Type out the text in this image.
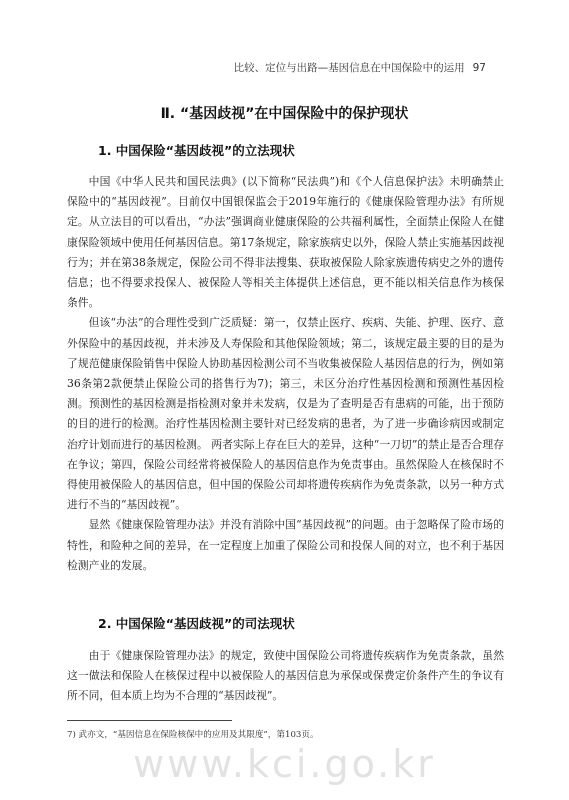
比较、定位与出路—基因信息在中国保险中的运用 97
Ⅱ. “基因歧视”在中国保险中的保护现状
1. 中国保险“基因歧视”的立法现状

中国《中华人民共和国民法典》(以下简称“民法典”)和《个人信息保护法》未明确禁止保险中的“基因歧视”。目前仅中国银保监会于2019年施行的《健康保险管理办法》有所规定。从立法目的可以看出，“办法”强调商业健康保险的公共福利属性，全面禁止保险人在健康保险领域中使用任何基因信息。第17条规定，除家族病史以外，保险人禁止实施基因歧视行为；并在第38条规定，保险公司不得非法搜集、获取被保险人除家族遗传病史之外的遗传信息；也不得要求投保人、被保险人等相关主体提供上述信息，更不能以相关信息作为核保条件。

但该“办法”的合理性受到广泛质疑：第一，仅禁止医疗、疾病、失能、护理、医疗、意外保险中的基因歧视，并未涉及人寿保险和其他保险领域；第二，该规定最主要的目的是为了规范健康保险销售中保险人协助基因检测公司不当收集被保险人基因信息的行为，例如第36条第2款便禁止保险公司的搭售行为7)；第三，未区分治疗性基因检测和预测性基因检测。预测性的基因检测是指检测对象并未发病，仅是为了查明是否有患病的可能，出于预防的目的进行的检测。治疗性基因检测主要针对已经发病的患者，为了进一步确诊病因或制定治疗计划而进行的基因检测。 两者实际上存在巨大的差异，这种“一刀切”的禁止是否合理存在争议；第四，保险公司经常将被保险人的基因信息作为免责事由。虽然保险人在核保时不得使用被保险人的基因信息，但中国的保险公司却将遗传疾病作为免责条款，以另一种方式进行不当的“基因歧视”。

显然《健康保险管理办法》并没有消除中国“基因歧视”的问题。由于忽略保了险市场的特性，和险种之间的差异，在一定程度上加重了保险公司和投保人间的对立，也不利于基因检测产业的发展。

2. 中国保险“基因歧视”的司法现状

由于《健康保险管理办法》的规定，致使中国保险公司将遗传疾病作为免责条款，虽然这一做法和保险人在核保过程中以被保险人的基因信息为承保或保费定价条件产生的争议有所不同，但本质上均为不合理的“基因歧视”。

7) 武亦文，“基因信息在保险核保中的应用及其限度”，第103页。
www.kci.go.kr
